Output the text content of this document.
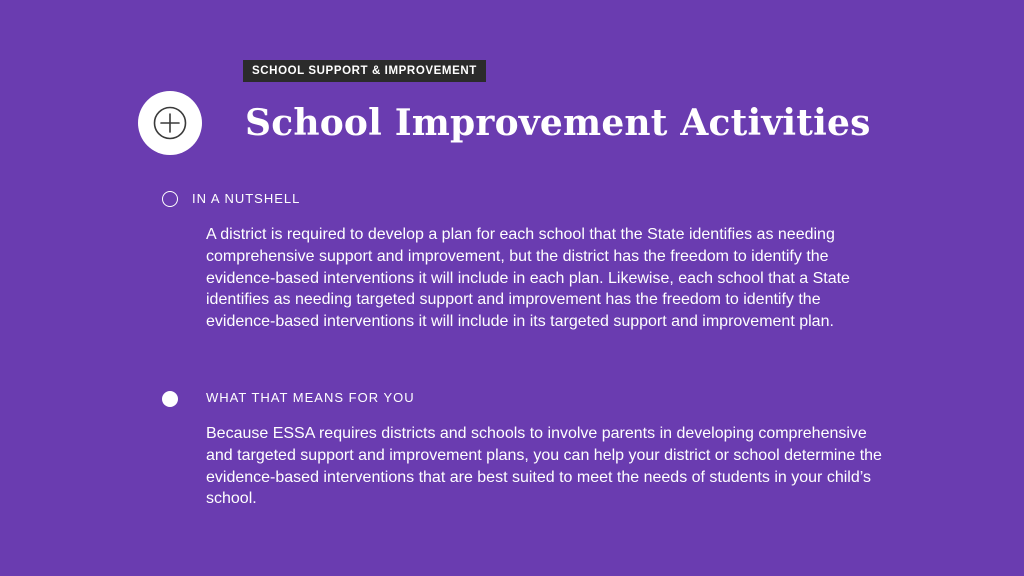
SCHOOL SUPPORT & IMPROVEMENT
School Improvement Activities
IN A NUTSHELL

A district is required to develop a plan for each school that the State identifies as needing comprehensive support and improvement, but the district has the freedom to identify the evidence-based interventions it will include in each plan. Likewise, each school that a State identifies as needing targeted support and improvement has the freedom to identify the evidence-based interventions it will include in its targeted support and improvement plan.

WHAT THAT MEANS FOR YOU

Because ESSA requires districts and schools to involve parents in developing comprehensive and targeted support and improvement plans, you can help your district or school determine the evidence-based interventions that are best suited to meet the needs of students in your child’s school.
